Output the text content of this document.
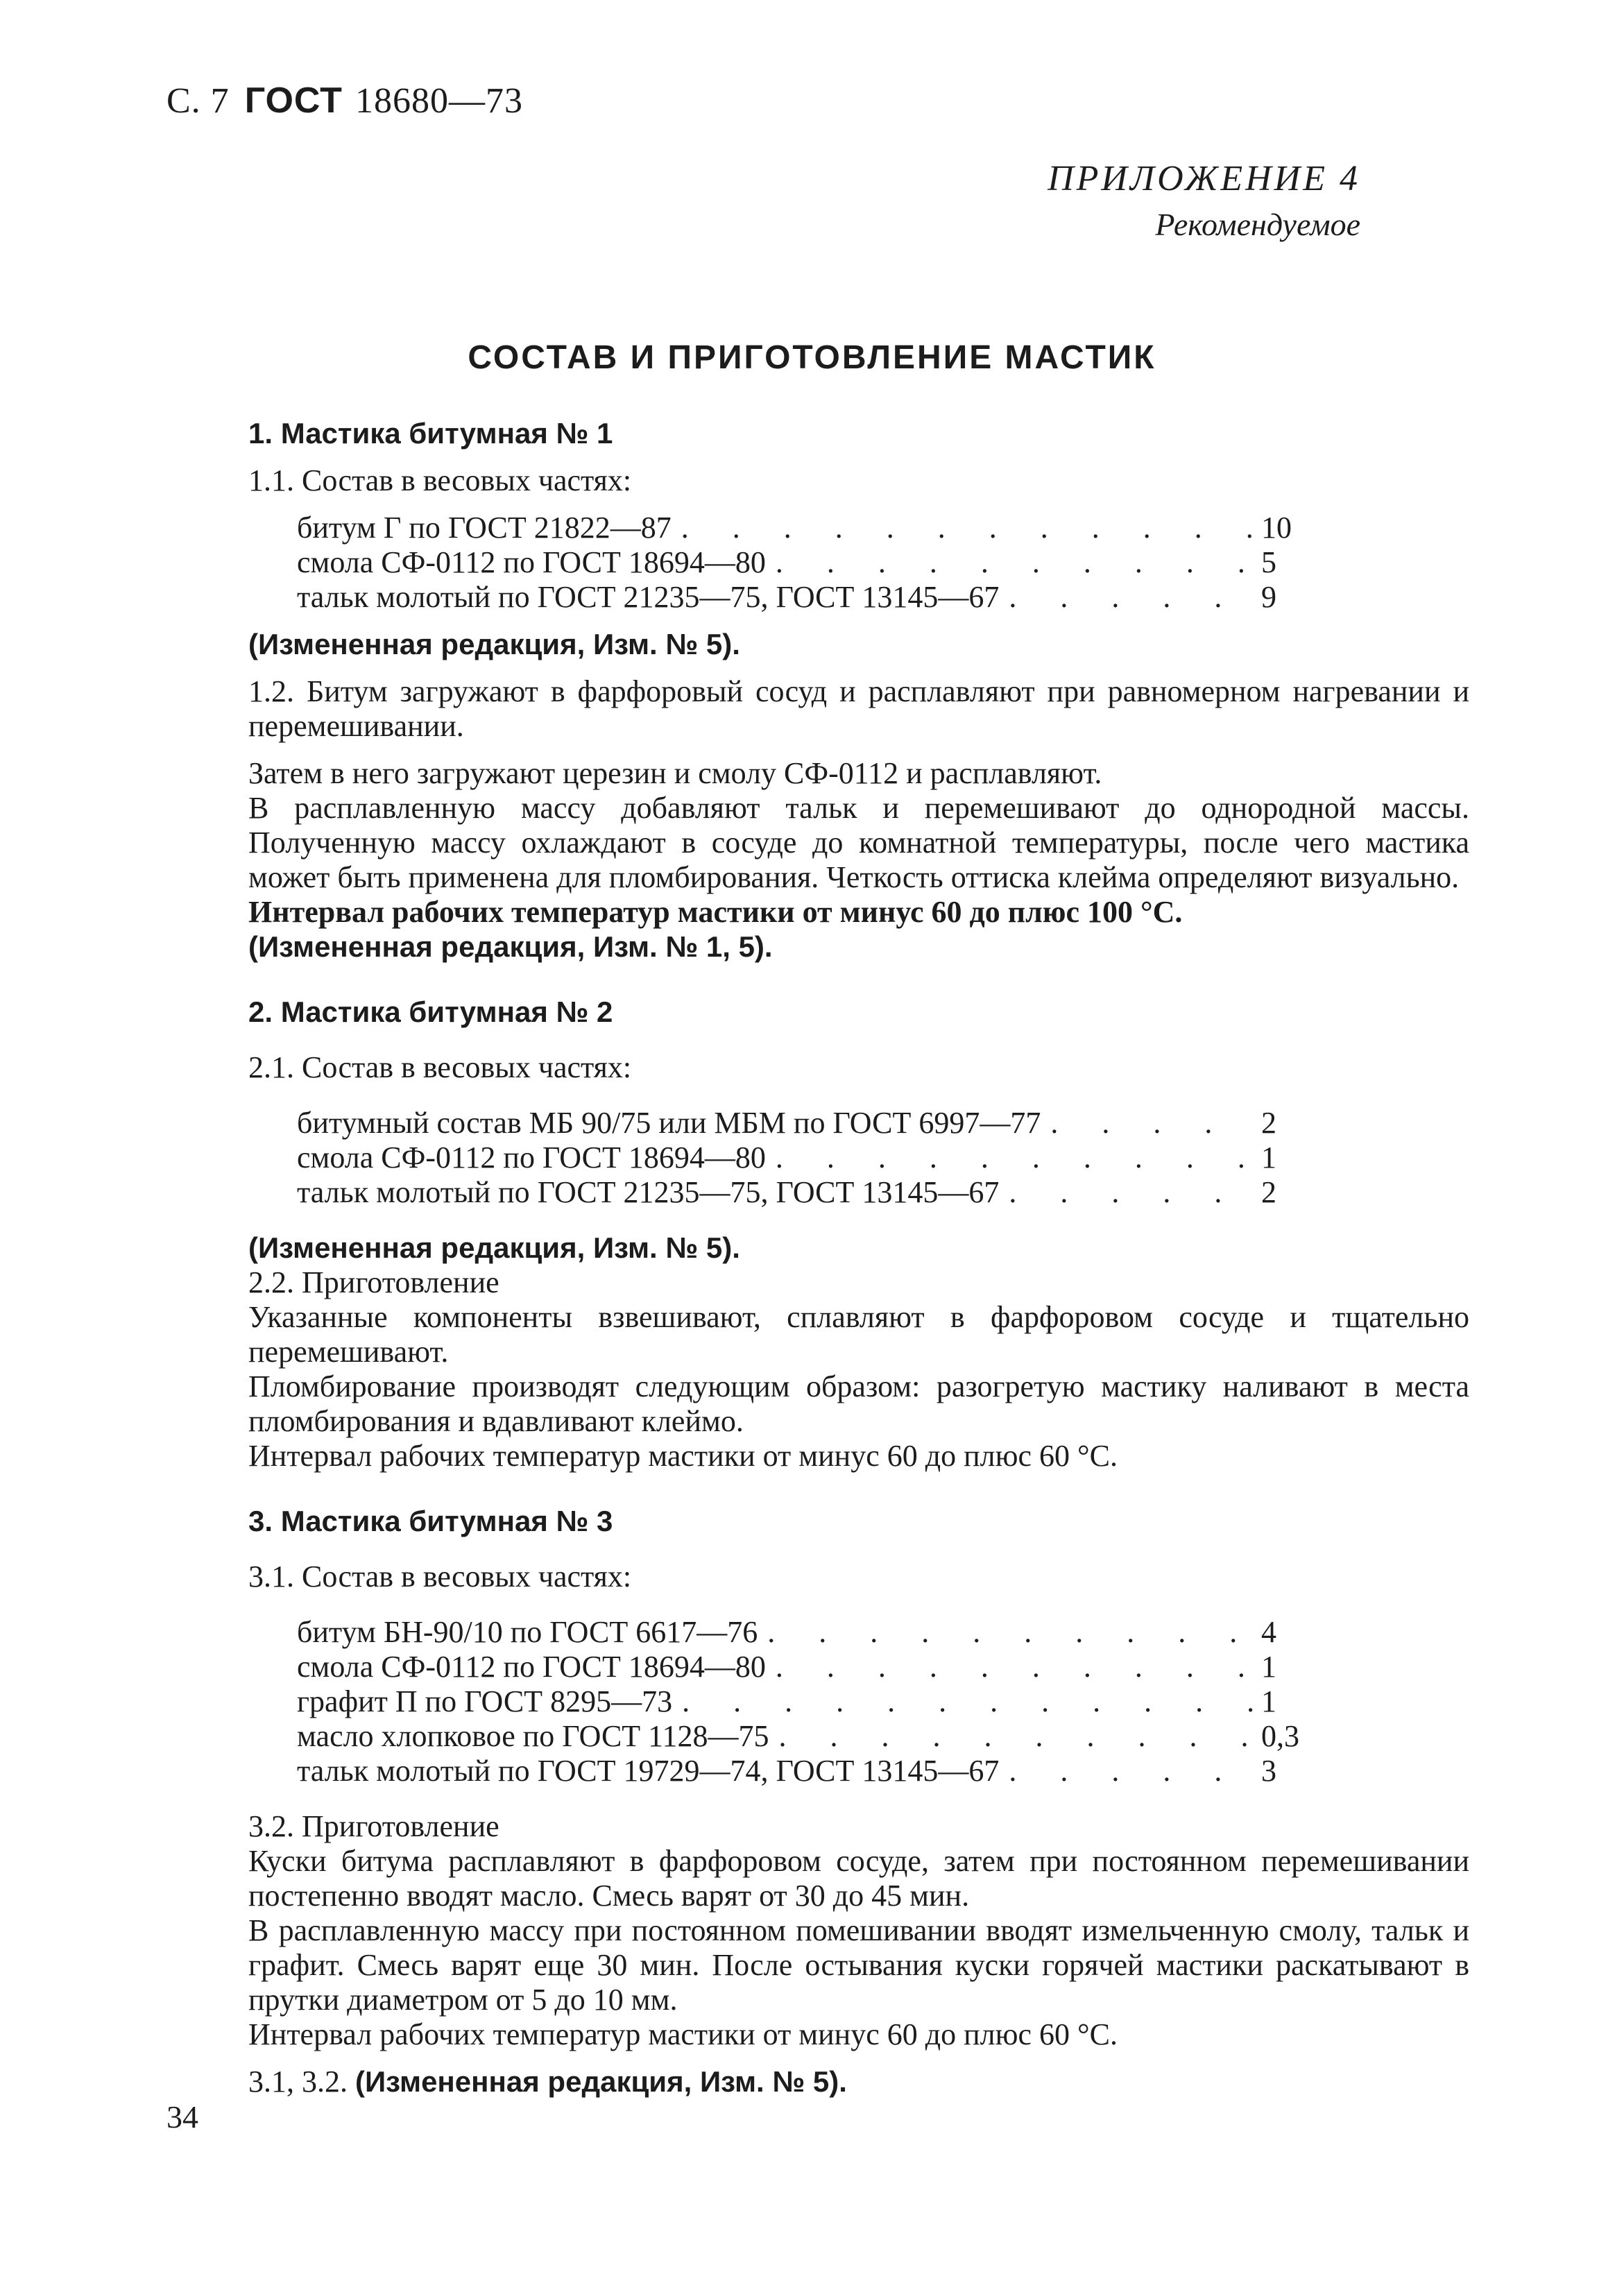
С. 7 ГОСТ 18680—73
ПРИЛОЖЕНИЕ 4
Рекомендуемое
СОСТАВ И ПРИГОТОВЛЕНИЕ МАСТИК

1. Мастика битумная № 1

1.1. Состав в весовых частях:

битум Г по ГОСТ 21822—87 . . .	10
смола СФ-0112 по ГОСТ 18694—80 . . .	5
тальк молотый по ГОСТ 21235—75, ГОСТ 13145—67 . . .	9

(Измененная редакция, Изм. № 5).

1.2. Битум загружают в фарфоровый сосуд и расплавляют при равномерном нагревании и перемешивании.

Затем в него загружают церезин и смолу СФ-0112 и расплавляют.

В расплавленную массу добавляют тальк и перемешивают до однородной массы. Полученную массу охлаждают в сосуде до комнатной температуры, после чего мастика может быть применена для пломбирования. Четкость оттиска клейма определяют визуально.

Интервал рабочих температур мастики от минус 60 до плюс 100 °С.

(Измененная редакция, Изм. № 1, 5).

2. Мастика битумная № 2

2.1. Состав в весовых частях:

битумный состав МБ 90/75 или МБМ по ГОСТ 6997—77 . . .	2
смола СФ-0112 по ГОСТ 18694—80 . . .	1
тальк молотый по ГОСТ 21235—75, ГОСТ 13145—67 . . .	2

(Измененная редакция, Изм. № 5).

2.2. Приготовление

Указанные компоненты взвешивают, сплавляют в фарфоровом сосуде и тщательно перемешивают.

Пломбирование производят следующим образом: разогретую мастику наливают в места пломбирования и вдавливают клеймо.

Интервал рабочих температур мастики от минус 60 до плюс 60 °С.

3. Мастика битумная № 3

3.1. Состав в весовых частях:

битум БН-90/10 по ГОСТ 6617—76 . . .	4
смола СФ-0112 по ГОСТ 18694—80 . . .	1
графит П по ГОСТ 8295—73 . . .	1
масло хлопковое по ГОСТ 1128—75 . . .	0,3
тальк молотый по ГОСТ 19729—74, ГОСТ 13145—67 . . .	3

3.2. Приготовление

Куски битума расплавляют в фарфоровом сосуде, затем при постоянном перемешивании постепенно вводят масло. Смесь варят от 30 до 45 мин.

В расплавленную массу при постоянном помешивании вводят измельченную смолу, тальк и графит. Смесь варят еще 30 мин. После остывания куски горячей мастики раскатывают в прутки диаметром от 5 до 10 мм.

Интервал рабочих температур мастики от минус 60 до плюс 60 °С.

3.1, 3.2. (Измененная редакция, Изм. № 5).

34
